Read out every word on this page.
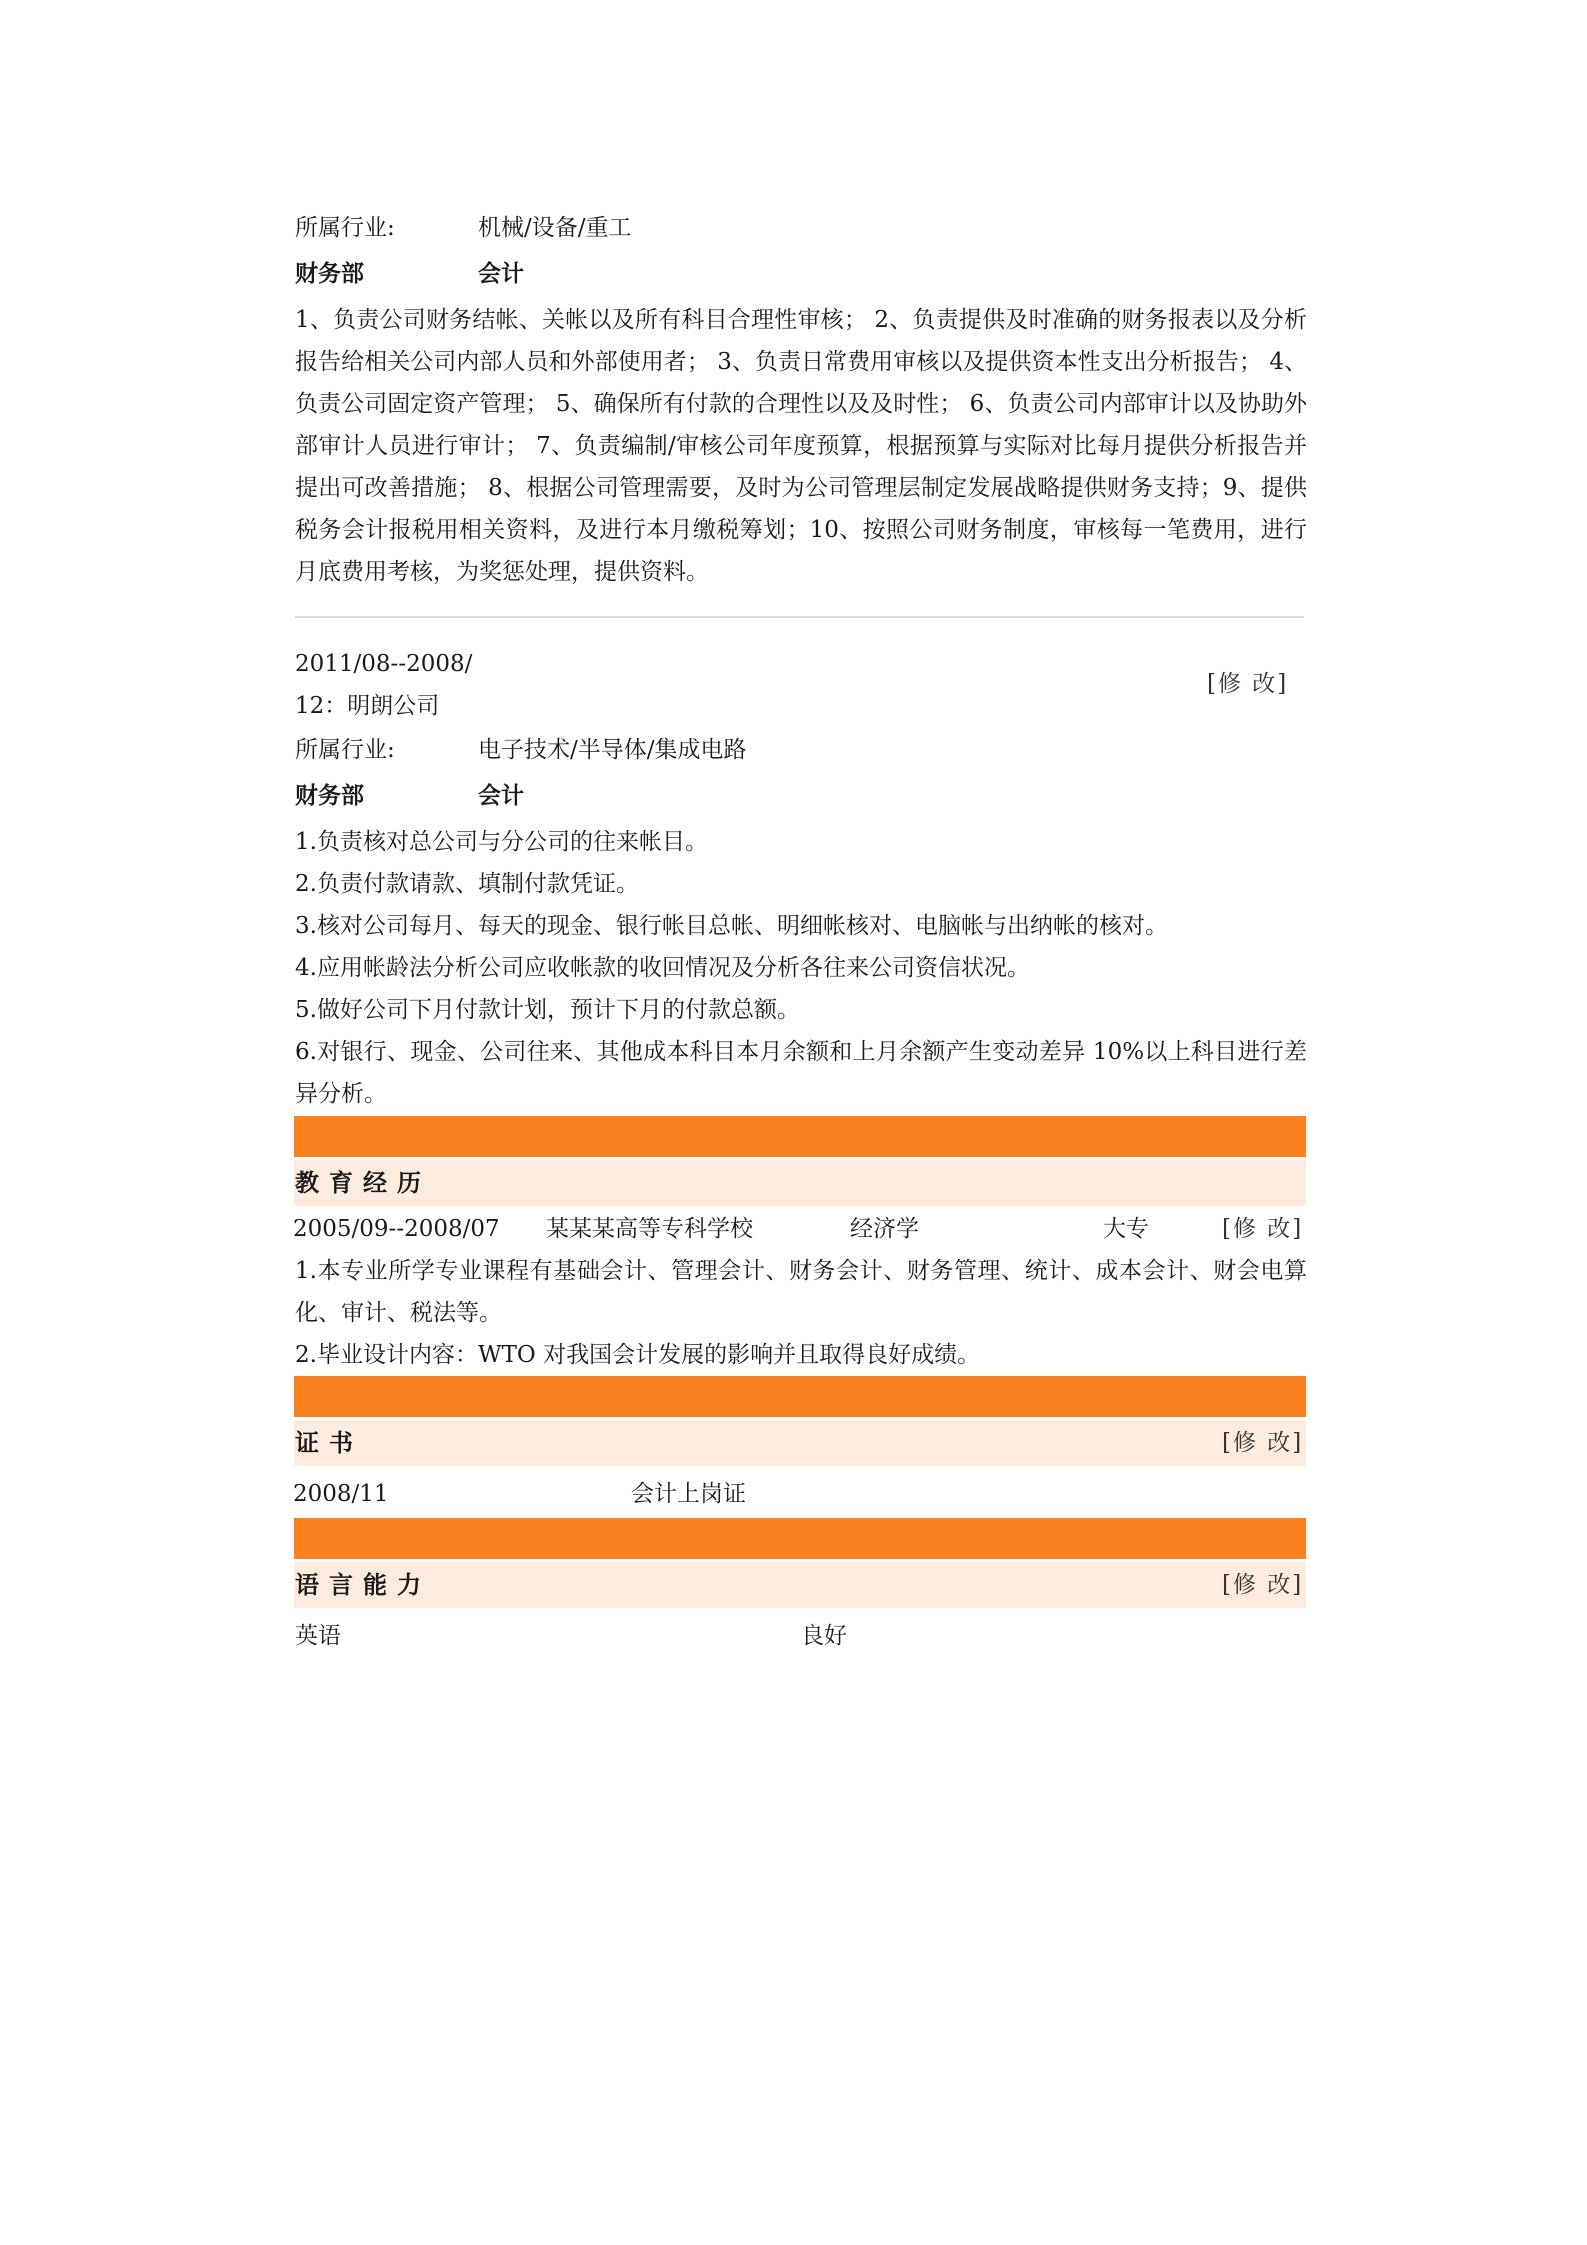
所属行业:	机械/设备/重工
财务部	会计
1、负责公司财务结帐、关帐以及所有科目合理性审核； 2、负责提供及时准确的财务报表以及分析报告给相关公司内部人员和外部使用者； 3、负责日常费用审核以及提供资本性支出分析报告； 4、负责公司固定资产管理； 5、确保所有付款的合理性以及及时性； 6、负责公司内部审计以及协助外部审计人员进行审计； 7、负责编制/审核公司年度预算，根据预算与实际对比每月提供分析报告并提出可改善措施； 8、根据公司管理需要，及时为公司管理层制定发展战略提供财务支持；9、提供税务会计报税用相关资料，及进行本月缴税筹划；10、按照公司财务制度，审核每一笔费用，进行月底费用考核，为奖惩处理，提供资料。
2011/08--2008/
12：明朗公司
[修 改]
所属行业:	电子技术/半导体/集成电路
财务部	会计
1.负责核对总公司与分公司的往来帐目。
2.负责付款请款、填制付款凭证。
3.核对公司每月、每天的现金、银行帐目总帐、明细帐核对、电脑帐与出纳帐的核对。
4.应用帐龄法分析公司应收帐款的收回情况及分析各往来公司资信状况。
5.做好公司下月付款计划，预计下月的付款总额。
6.对银行、现金、公司往来、其他成本科目本月余额和上月余额产生变动差异 10%以上科目进行差异分析。
教育经历
2005/09--2008/07 某某某高等专科学校	经济学	大专	[修 改]
1.本专业所学专业课程有基础会计、管理会计、财务会计、财务管理、统计、成本会计、财会电算化、审计、税法等。
2.毕业设计内容：WTO 对我国会计发展的影响并且取得良好成绩。
证书	[修 改]
2008/11	会计上岗证
语言能力	[修 改]
英语	良好
